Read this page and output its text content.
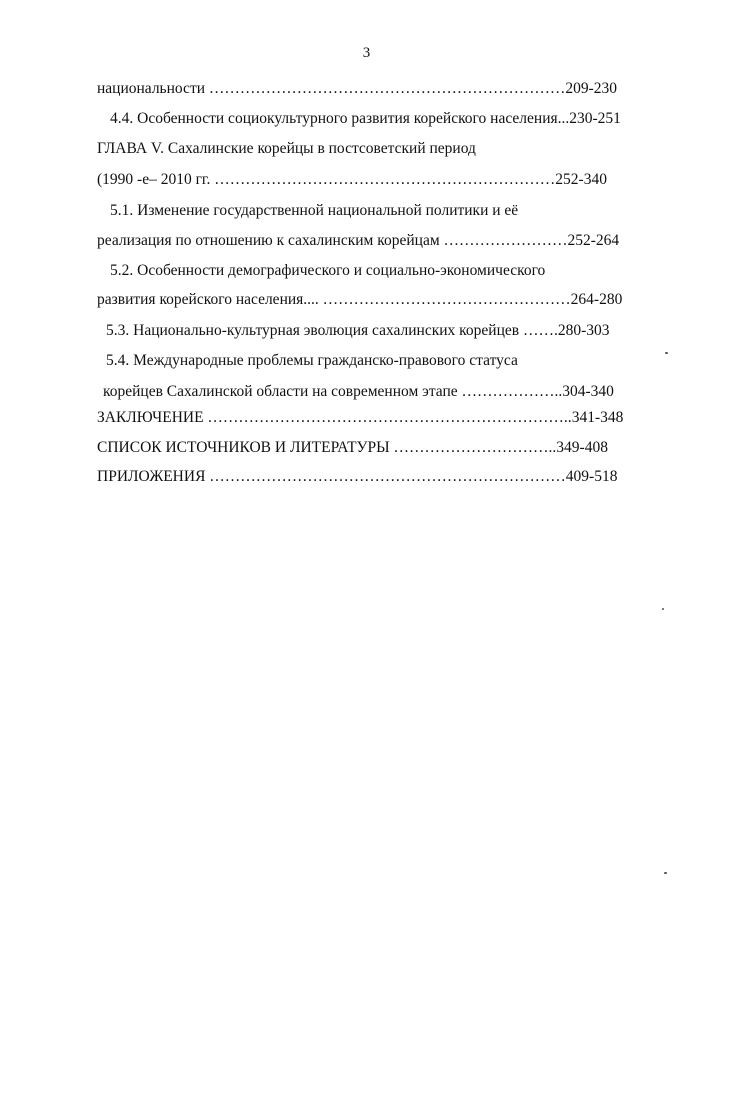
3
национальности ……………………………………………………………209-230
4.4. Особенности социокультурного развития корейского населения...230-251
ГЛАВА V. Сахалинские корейцы в постсоветский период
(1990 -е– 2010 гг. …………………………………………………………252-340
5.1. Изменение государственной национальной политики и её
реализация по отношению к сахалинским корейцам ……………………252-264
5.2. Особенности демографического и социально-экономического
развития корейского населения.... …………………………………………264-280
5.3. Национально-культурная эволюция сахалинских корейцев …….280-303
5.4. Международные проблемы гражданско-правового статуса
корейцев Сахалинской области на современном этапе ………………..304-340
ЗАКЛЮЧЕНИЕ ……………………………………………………………..341-348
СПИСОК ИСТОЧНИКОВ И ЛИТЕРАТУРЫ …………………………..349-408
ПРИЛОЖЕНИЯ ……………………………………………………………409-518
